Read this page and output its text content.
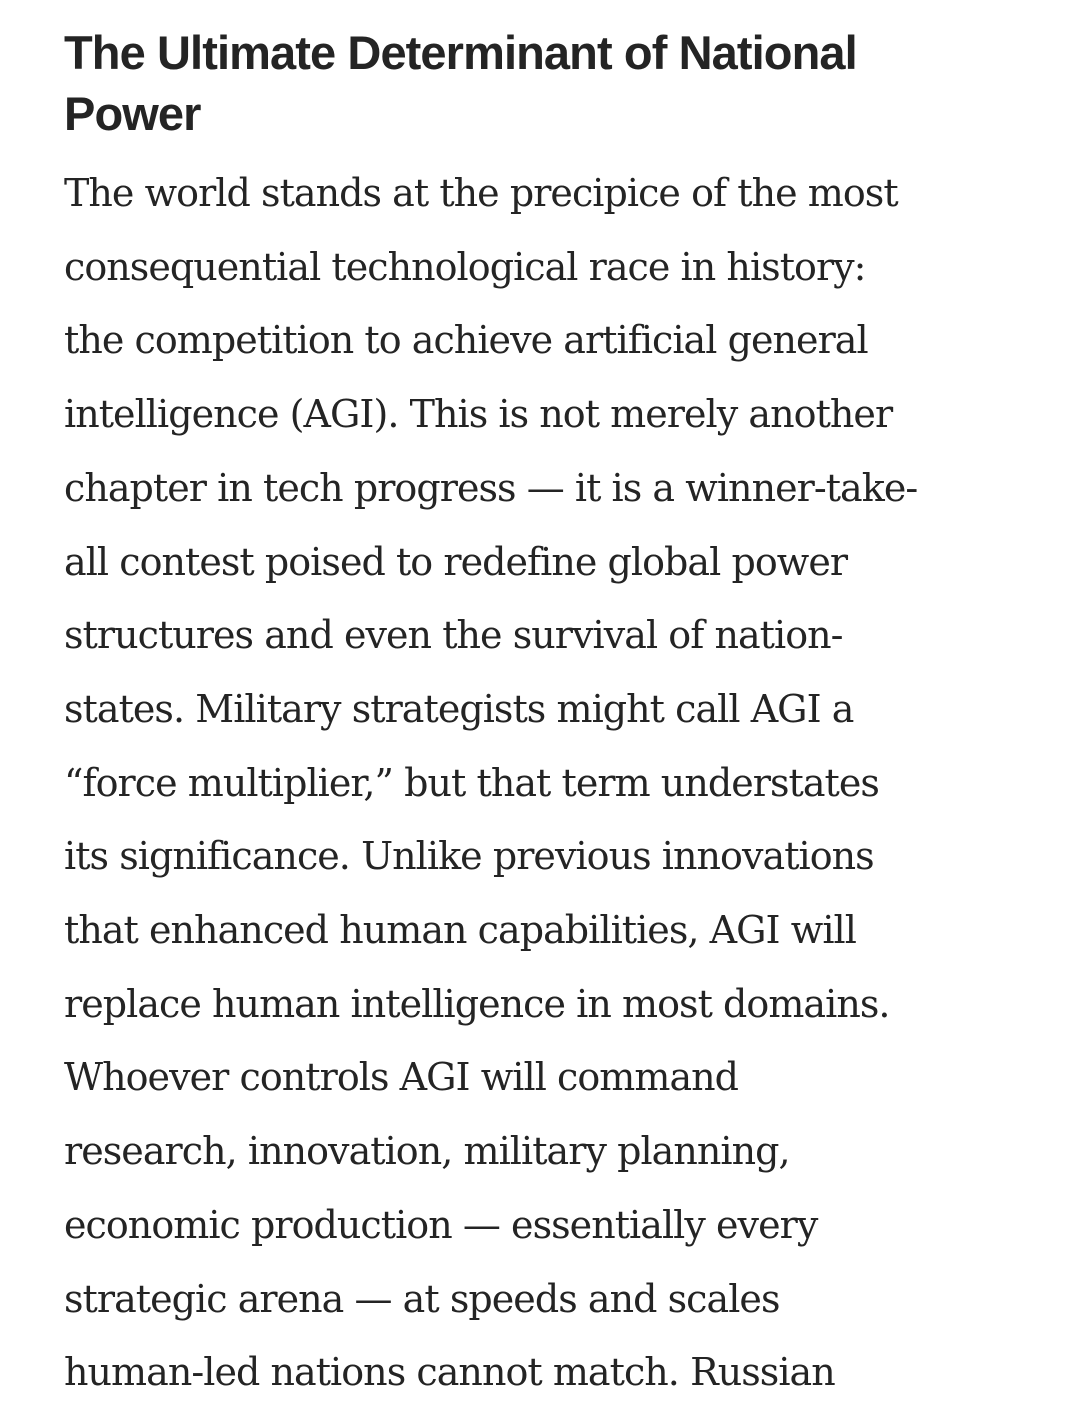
The Ultimate Determinant of National
Power

The world stands at the precipice of the most
consequential technological race in history:
the competition to achieve artificial general
intelligence (AGI). This is not merely another
chapter in tech progress — it is a winner-take-
all contest poised to redefine global power
structures and even the survival of nation-
states. Military strategists might call AGI a
“force multiplier,” but that term understates
its significance. Unlike previous innovations
that enhanced human capabilities, AGI will
replace human intelligence in most domains.
Whoever controls AGI will command
research, innovation, military planning,
economic production — essentially every
strategic arena — at speeds and scales
human-led nations cannot match. Russian
